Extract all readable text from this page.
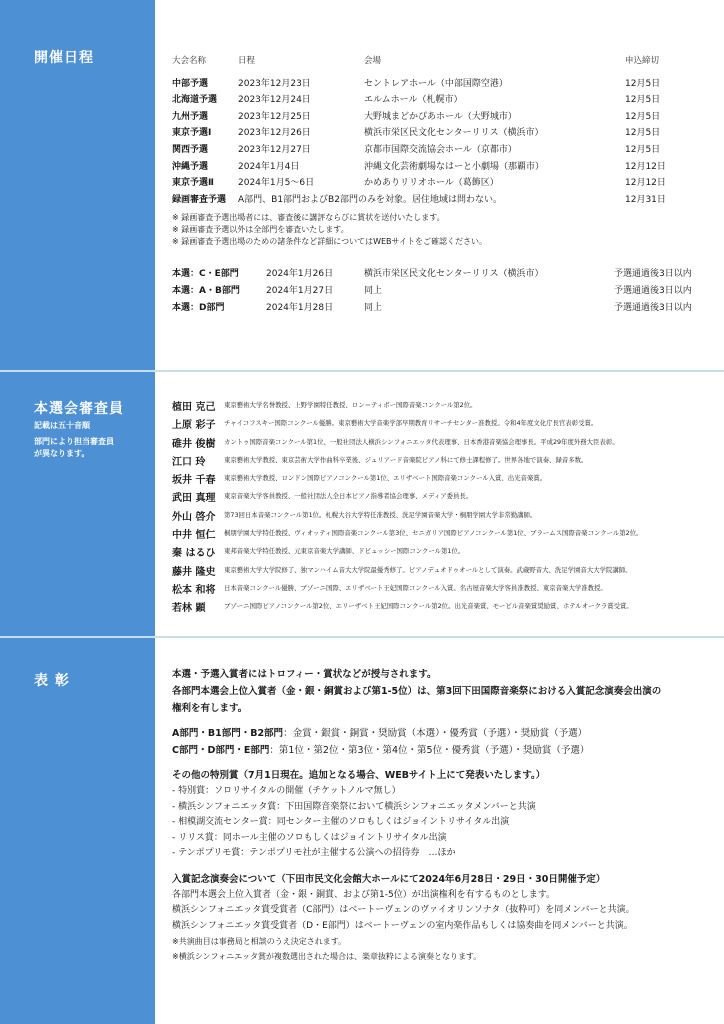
開催日程
本選会審査員
記載は五十音順
部門により担当審査員
が異なります。
表 彰
大会名称	日程	会場	申込締切
中部予選	2023年12月23日	セントレアホール（中部国際空港）	12月5日
北海道予選 2023年12月24日	エルムホール（札幌市）	12月5日
九州予選	2023年12月25日	大野城まどかぴあホール（大野城市）	12月5日
東京予選Ⅰ	2023年12月26日	横浜市栄区民文化センターリリス（横浜市）	12月5日
関西予選	2023年12月27日	京都市国際交流協会ホール（京都市）	12月5日
沖縄予選	2024年1月4日	沖縄文化芸術劇場なはーと小劇場（那覇市）	12月12日
東京予選Ⅱ	2024年1月5〜6日	かめありリリオホール（葛飾区）	12月12日
録画審査予選 A部門、B1部門およびB2部門のみを対象。居住地域は問わない。	12月31日
※ 録画審査予選出場者には、審査後に講評ならびに賞状を送付いたします。
※ 録画審査予選以外は全部門を審査いたします。
※ 録画審査予選出場のための諸条件など詳細についてはWEBサイトをご確認ください。
本選：C・E部門	2024年1月26日	横浜市栄区民文化センターリリス（横浜市）	予選通過後3日以内
本選：A・B部門	2024年1月27日	同上	予選通過後3日以内
本選：D部門	2024年1月28日	同上	予選通過後3日以内
植田 克己 東京藝術大学名誉教授、上野学園特任教授、ロン＝ティボー国際音楽コンクール第2位。
上原 彩子 チャイコフスキー国際コンクール優勝。東京藝術大学音楽学部早期教育リサーチセンター准教授。令和4年度文化庁長官表彰受賞。
碓井 俊樹 カントゥ国際音楽コンクール第1位、一般社団法人横浜シンフォニエッタ代表理事、日本香港音楽協会理事長。平成29年度外務大臣表彰。
江口 玲	東京藝術大学教授、東京芸術大学作曲科卒業後、ジュリアード音楽院ピアノ科にて修士課程修了。世界各地で演奏、録音多数。
坂井 千春 東京藝術大学教授、ロンドン国際ピアノコンクール第1位、エリザベート国際音楽コンクール入賞、出光音楽賞。
武田 真理 東京音楽大学客員教授、一般社団法人全日本ピアノ指導者協会理事、メディア委員長。
外山 啓介 第73回日本音楽コンクール第1位。札幌大谷大学特任准教授、洗足学園音楽大学・桐朋学園大学非常勤講師。
中井 恒仁 桐朋学園大学特任教授、ヴィオッティ国際音楽コンクール第3位、セニガリア国際ピアノコンクール第1位、ブラームス国際音楽コンクール第2位。
秦 はるひ 東邦音楽大学特任教授、元東京音楽大学講師、ドビュッシー国際コンクール第1位。
藤井 隆史 東京藝術大学大学院修了、独マンハイム音大大学院最優秀修了。ピアノデュオドゥオールとして演奏。武蔵野音大、洗足学園音大大学院講師。
松本 和将 日本音楽コンクール優勝、ブゾーニ国際、エリザベート王妃国際コンクール入賞。名古屋音楽大学客員准教授、東京音楽大学准教授。
若林 顕	ブゾーニ国際ピアノコンクール第2位、エリーザベト王妃国際コンクール第2位。出光音楽賞、モービル音楽賞奨励賞、ホテルオークラ賞受賞。
本選・予選入賞者にはトロフィー・賞状などが授与されます。
各部門本選会上位入賞者（金・銀・銅賞および第1-5位）は、第3回下田国際音楽祭における入賞記念演奏会出演の
権利を有します。
A部門・B1部門・B2部門：金賞・銀賞・銅賞・奨励賞（本選）・優秀賞（予選）・奨励賞（予選）
C部門・D部門・E部門：第1位・第2位・第3位・第4位・第5位・優秀賞（予選）・奨励賞（予選）
その他の特別賞（7月1日現在。追加となる場合、WEBサイト上にて発表いたします。）
- 特別賞：ソロリサイタルの開催（チケットノルマ無し）
- 横浜シンフォニエッタ賞：下田国際音楽祭において横浜シンフォニエッタメンバーと共演
- 相模湖交流センター賞：同センター主催のソロもしくはジョイントリサイタル出演
- リリス賞：同ホール主催のソロもしくはジョイントリサイタル出演
- テンポプリモ賞：テンポプリモ社が主催する公演への招待券　…ほか
入賞記念演奏会について（下田市民文化会館大ホールにて2024年6月28日・29日・30日開催予定）
各部門本選会上位入賞者（金・銀・銅賞、および第1-5位）が出演権利を有するものとします。
横浜シンフォニエッタ賞受賞者（C部門）はベートーヴェンのヴァイオリンソナタ（抜粋可）を同メンバーと共演。
横浜シンフォニエッタ賞受賞者（D・E部門）はベートーヴェンの室内楽作品もしくは協奏曲を同メンバーと共演。
※共演曲目は事務局と相談のうえ決定されます。
※横浜シンフォニエッタ賞が複数選出された場合は、楽章抜粋による演奏となります。
